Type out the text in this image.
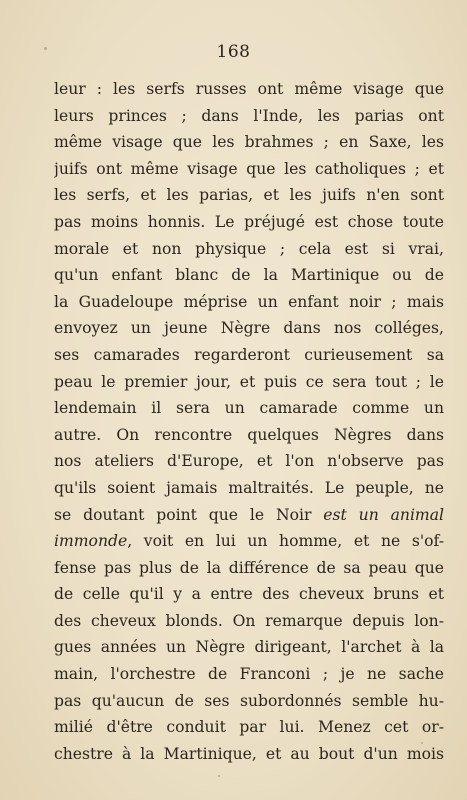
168
leur : les serfs russes ont même visage que
leurs princes ; dans l'Inde, les parias ont
même visage que les brahmes ; en Saxe, les
juifs ont même visage que les catholiques ; et
les serfs, et les parias, et les juifs n'en sont
pas moins honnis. Le préjugé est chose toute
morale et non physique ; cela est si vrai,
qu'un enfant blanc de la Martinique ou de
la Guadeloupe méprise un enfant noir ; mais
envoyez un jeune Nègre dans nos colléges,
ses camarades regarderont curieusement sa
peau le premier jour, et puis ce sera tout ; le
lendemain il sera un camarade comme un
autre. On rencontre quelques Nègres dans
nos ateliers d'Europe, et l'on n'observe pas
qu'ils soient jamais maltraités. Le peuple, ne
se doutant point que le Noir est un animal
immonde, voit en lui un homme, et ne s'of-
fense pas plus de la différence de sa peau que
de celle qu'il y a entre des cheveux bruns et
des cheveux blonds. On remarque depuis lon-
gues années un Nègre dirigeant, l'archet à la
main, l'orchestre de Franconi ; je ne sache
pas qu'aucun de ses subordonnés semble hu-
milié d'être conduit par lui. Menez cet or-
chestre à la Martinique, et au bout d'un mois
